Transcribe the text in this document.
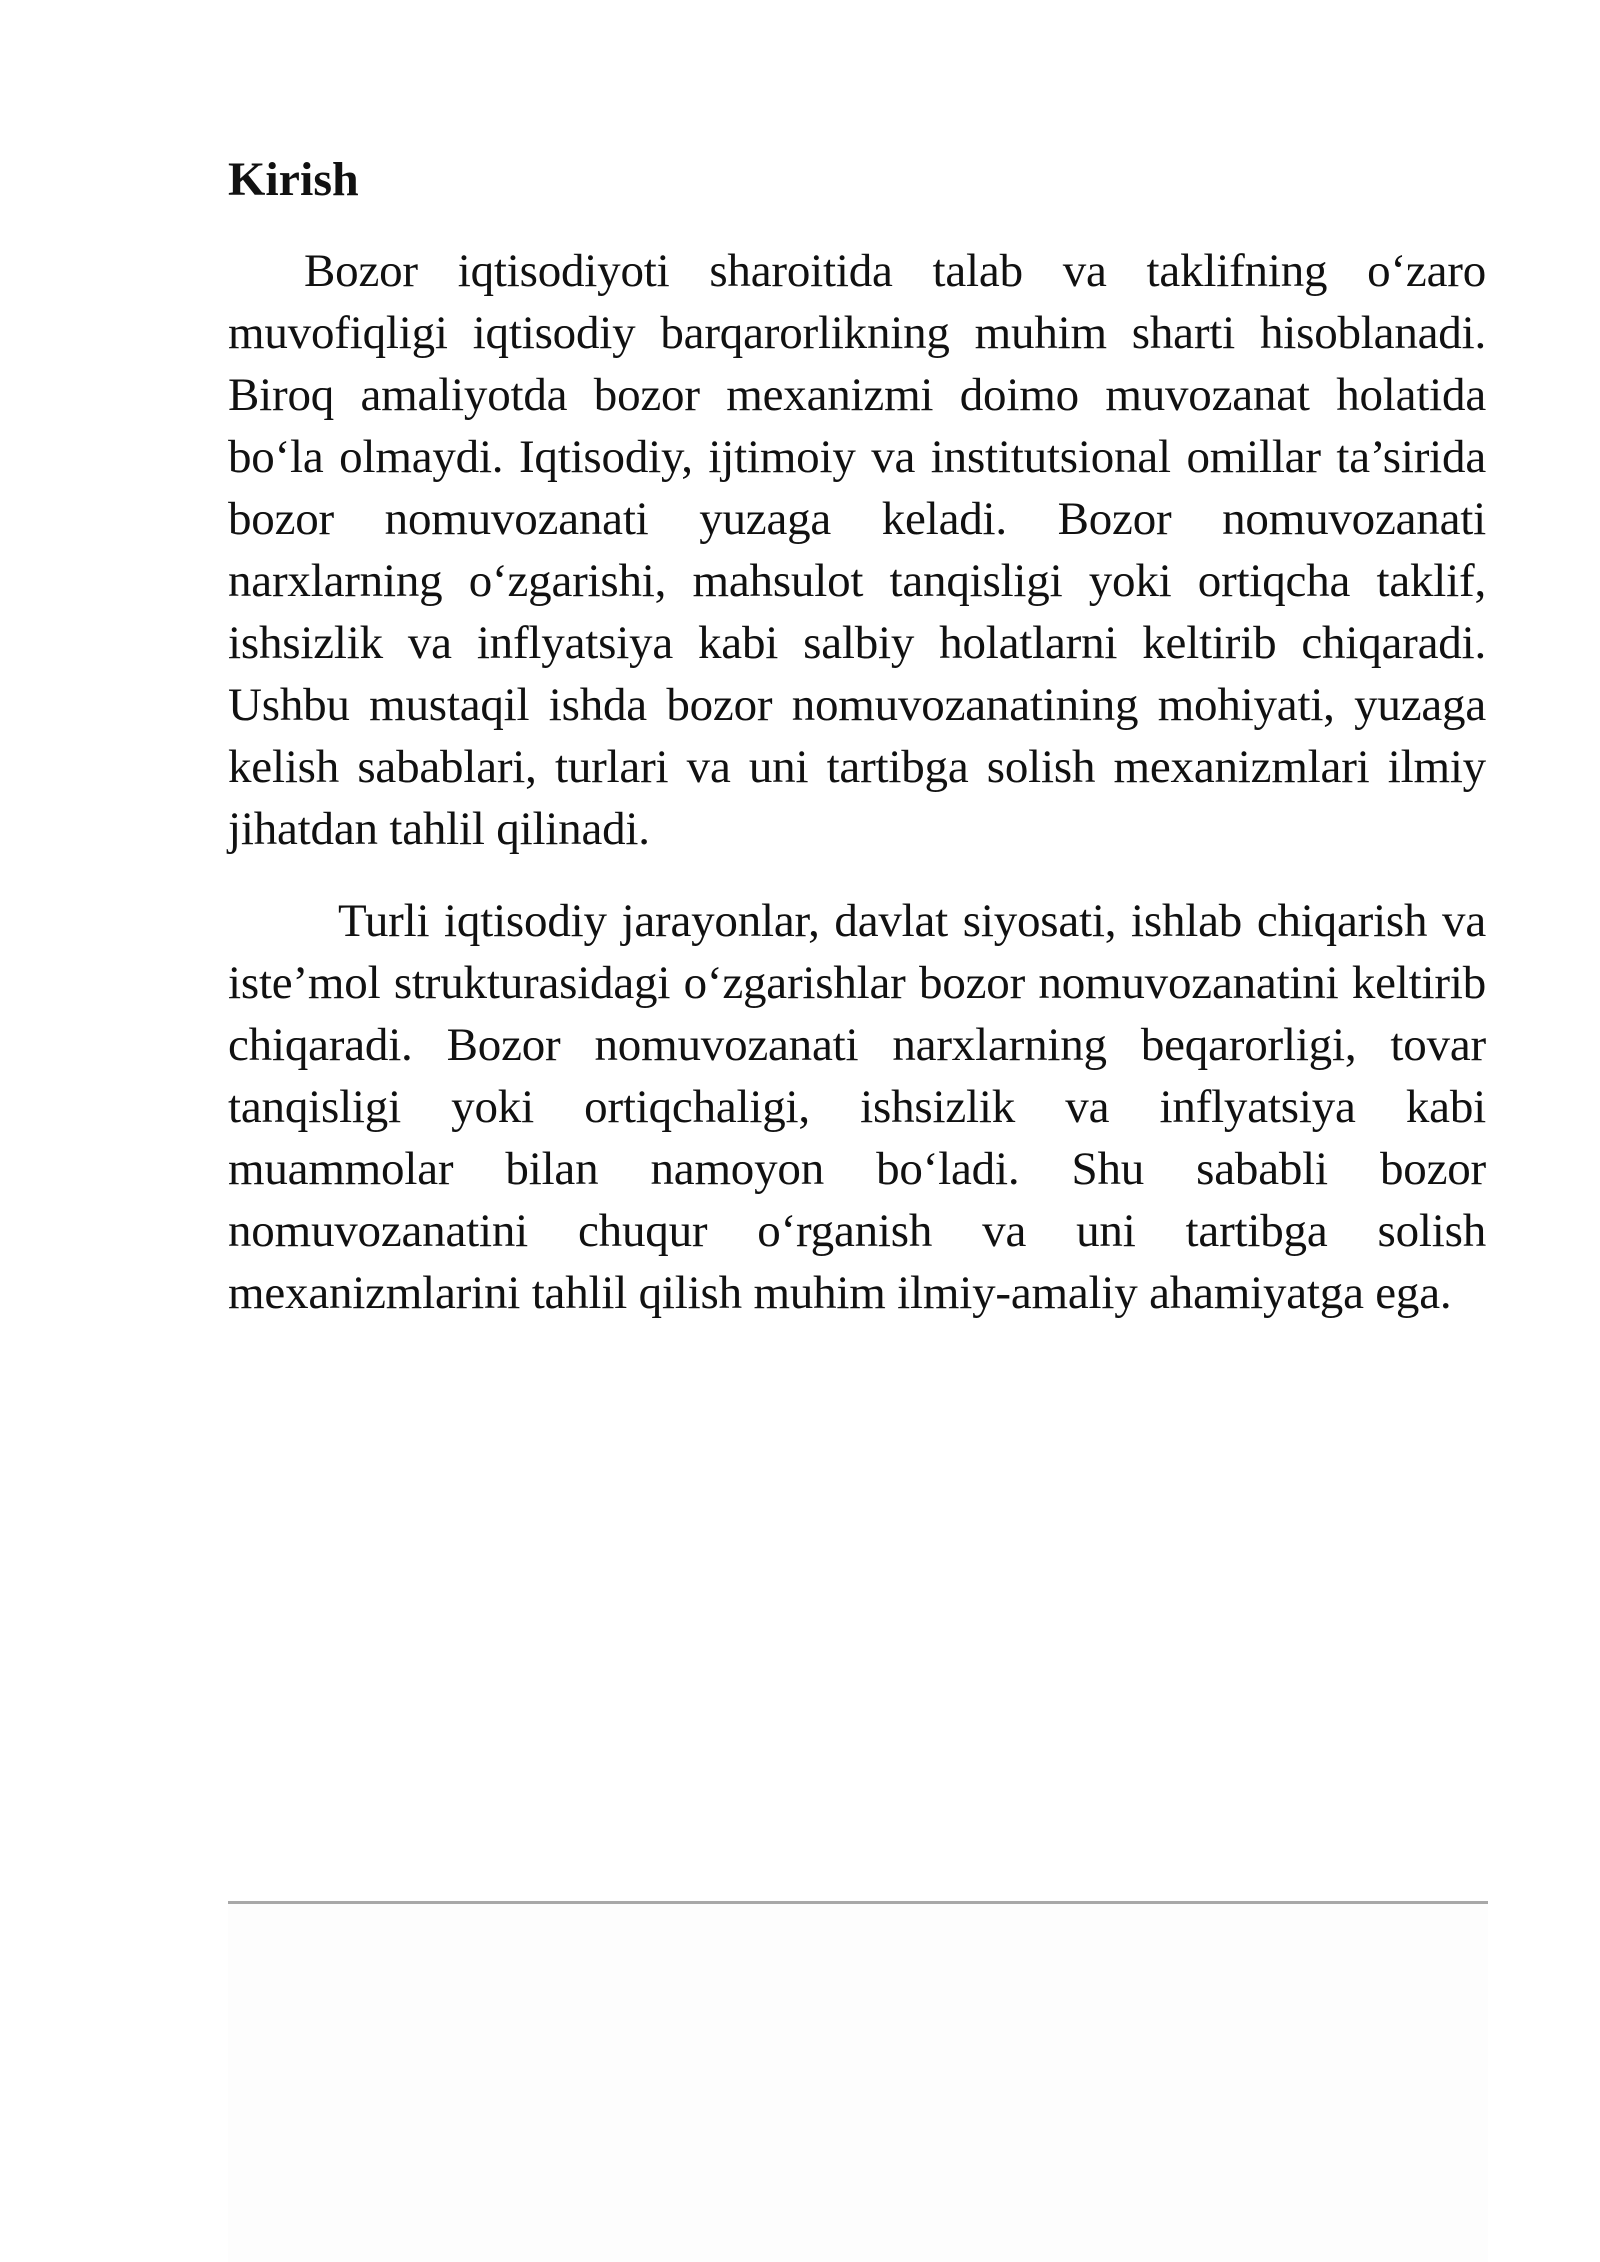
Kirish

Bozor iqtisodiyoti sharoitida talab va taklifning o‘zaro muvofiqligi iqtisodiy barqarorlikning muhim sharti hisoblanadi. Biroq amaliyotda bozor mexanizmi doimo muvozanat holatida bo‘la olmaydi. Iqtisodiy, ijtimoiy va institutsional omillar ta’sirida bozor nomuvozanati yuzaga keladi. Bozor nomuvozanati narxlarning o‘zgarishi, mahsulot tanqisligi yoki ortiqcha taklif, ishsizlik va inflyatsiya kabi salbiy holatlarni keltirib chiqaradi. Ushbu mustaqil ishda bozor nomuvozanatining mohiyati, yuzaga kelish sabablari, turlari va uni tartibga solish mexanizmlari ilmiy jihatdan tahlil qilinadi.

Turli iqtisodiy jarayonlar, davlat siyosati, ishlab chiqarish va iste’mol strukturasidagi o‘zgarishlar bozor nomuvozanatini keltirib chiqaradi. Bozor nomuvozanati narxlarning beqarorligi, tovar tanqisligi yoki ortiqchaligi, ishsizlik va inflyatsiya kabi muammolar bilan namoyon bo‘ladi. Shu sababli bozor nomuvozanatini chuqur o‘rganish va uni tartibga solish mexanizmlarini tahlil qilish muhim ilmiy-amaliy ahamiyatga ega.
